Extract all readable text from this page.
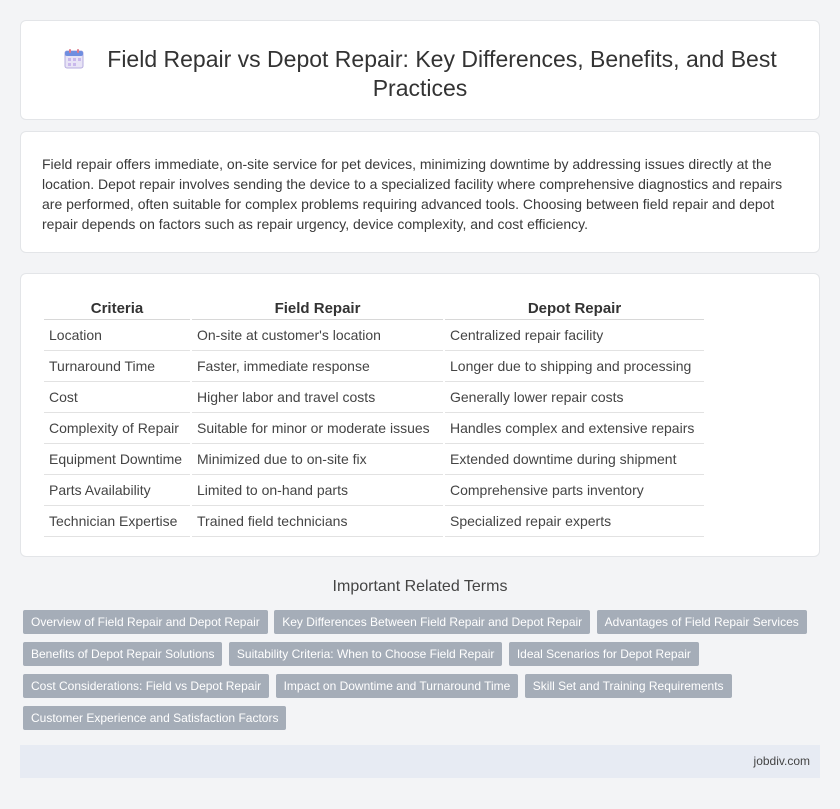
Field Repair vs Depot Repair: Key Differences, Benefits, and Best Practices

Field repair offers immediate, on-site service for pet devices, minimizing downtime by addressing issues directly at the location. Depot repair involves sending the device to a specialized facility where comprehensive diagnostics and repairs are performed, often suitable for complex problems requiring advanced tools. Choosing between field repair and depot repair depends on factors such as repair urgency, device complexity, and cost efficiency.

Criteria	Field Repair	Depot Repair
Location	On-site at customer's location	Centralized repair facility
Turnaround Time	Faster, immediate response	Longer due to shipping and processing
Cost	Higher labor and travel costs	Generally lower repair costs
Complexity of Repair	Suitable for minor or moderate issues	Handles complex and extensive repairs
Equipment Downtime	Minimized due to on-site fix	Extended downtime during shipment
Parts Availability	Limited to on-hand parts	Comprehensive parts inventory
Technician Expertise	Trained field technicians	Specialized repair experts
Important Related Terms
Overview of Field Repair and Depot Repair Key Differences Between Field Repair and Depot Repair Advantages of Field Repair Services
Benefits of Depot Repair Solutions Suitability Criteria: When to Choose Field Repair Ideal Scenarios for Depot Repair
Cost Considerations: Field vs Depot Repair Impact on Downtime and Turnaround Time Skill Set and Training Requirements
Customer Experience and Satisfaction Factors
jobdiv.com
